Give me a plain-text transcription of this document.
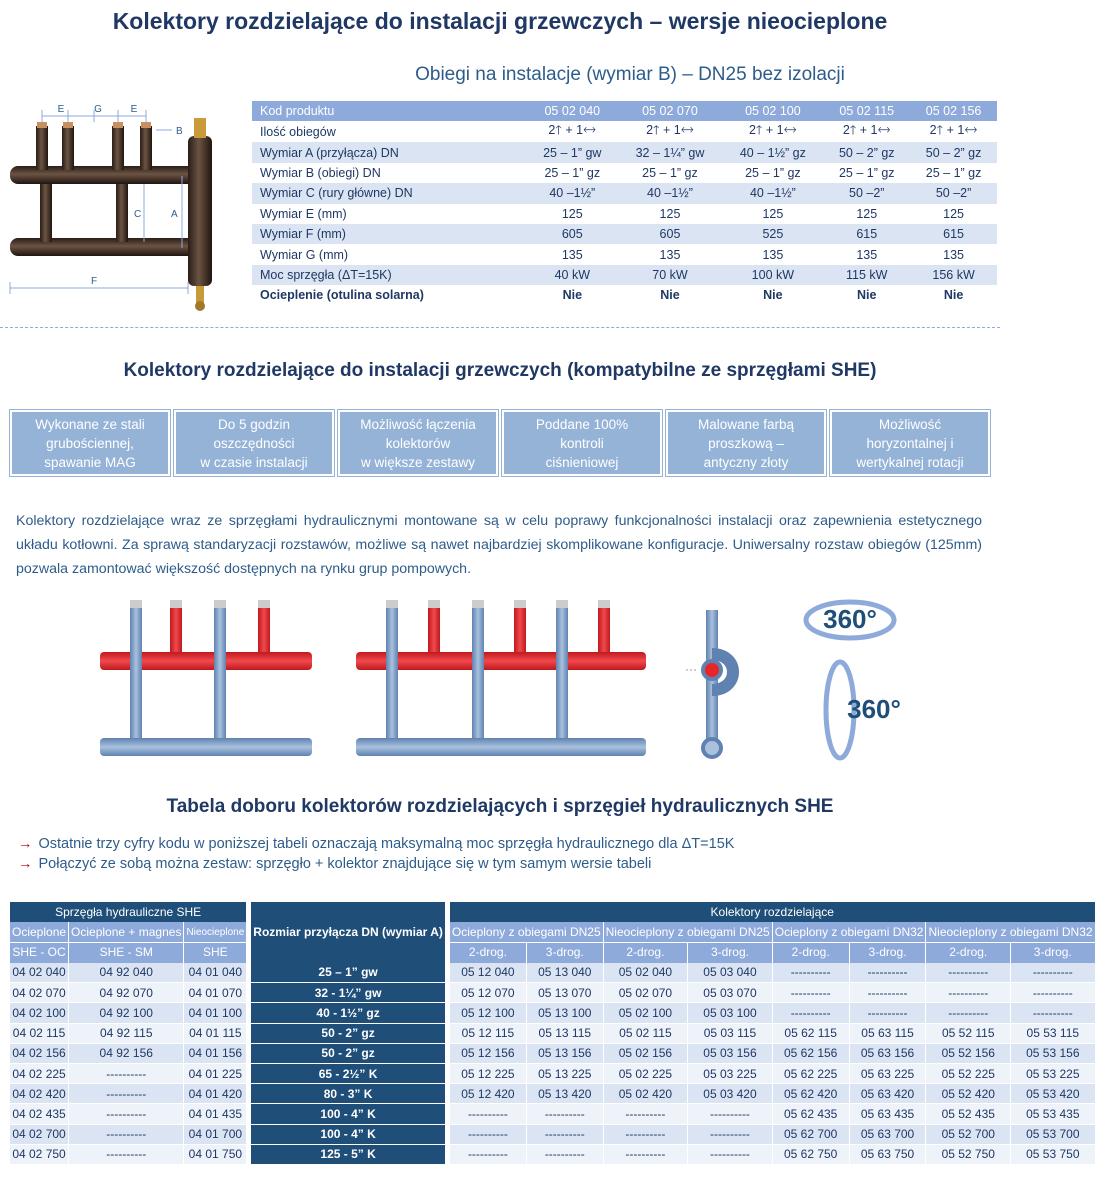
Kolektory rozdzielające do instalacji grzewczych – wersje nieocieplone
Obiegi na instalacje (wymiar B) – DN25 bez izolacji
E	G	E
C	A
B
F
Kod produktu	05 02 040	05 02 070	05 02 100	05 02 115	05 02 156
Ilość obiegów	2🡑 + 1🡘	2🡑 + 1🡘	2🡑 + 1🡘	2🡑 + 1🡘	2🡑 + 1🡘
Wymiar A (przyłącza) DN	25 – 1” gw	32 – 1¼” gw	40 – 1½” gz	50 – 2” gz	50 – 2” gz
Wymiar B (obiegi) DN	25 – 1” gz	25 – 1” gz	25 – 1” gz	25 – 1” gz	25 – 1” gz
Wymiar C (rury główne) DN	40 –1½”	40 –1½”	40 –1½”	50 –2”	50 –2”
Wymiar E (mm)	125	125	125	125	125
Wymiar F (mm)	605	605	525	615	615
Wymiar G (mm)	135	135	135	135	135
Moc sprzęgła (ΔT=15K)	40 kW	70 kW	100 kW	115 kW	156 kW
Ocieplenie (otulina solarna)	Nie	Nie	Nie	Nie	Nie
Kolektory rozdzielające do instalacji grzewczych (kompatybilne ze sprzęgłami SHE)
Wykonane ze stali
grubościennej,
spawanie MAG
Do 5 godzin
oszczędności
w czasie instalacji
Możliwość łączenia
kolektorów
w większe zestawy
Poddane 100%
kontroli
ciśnieniowej
Malowane farbą
proszkową –
antyczny złoty
Możliwość
horyzontalnej i
wertykalnej rotacji

Kolektory rozdzielające wraz ze sprzęgłami hydraulicznymi montowane są w celu poprawy funkcjonalności instalacji oraz zapewnienia estetycznego układu kotłowni. Za sprawą standaryzacji rozstawów, możliwe są nawet najbardziej skomplikowane konfiguracje. Uniwersalny rozstaw obiegów (125mm) pozwala zamontować większość dostępnych na rynku grup pompowych.

360°
360°
Tabela doboru kolektorów rozdzielających i sprzęgieł hydraulicznych SHE
→ Ostatnie trzy cyfry kodu w poniższej tabeli oznaczają maksymalną moc sprzęgła hydraulicznego dla ΔT=15K
→ Połączyć ze sobą można zestaw: sprzęgło + kolektor znajdujące się w tym samym wersie tabeli
Sprzęgła hydrauliczne SHE				Rozmiar przyłącza DN (wymiar A)		Kolektory rozdzielające							
Ocieplone	Ocieplone + magnes	Nieocieplone				Ocieplony z obiegami DN25		Nieocieplony z obiegami DN25		Ocieplony z obiegami DN32		Nieocieplony z obiegami DN32	
SHE - OC	SHE - SM	SHE				2-drog.	3-drog.	2-drog.	3-drog.	2-drog.	3-drog.	2-drog.	3-drog.
04 02 040	04 92 040	04 01 040		25 – 1” gw		05 12 040	05 13 040	05 02 040	05 03 040	----------	----------	----------	----------
04 02 070	04 92 070	04 01 070		32 - 1¼” gw		05 12 070	05 13 070	05 02 070	05 03 070	----------	----------	----------	----------
04 02 100	04 92 100	04 01 100		40 - 1½” gz		05 12 100	05 13 100	05 02 100	05 03 100	----------	----------	----------	----------
04 02 115	04 92 115	04 01 115		50 - 2” gz		05 12 115	05 13 115	05 02 115	05 03 115	05 62 115	05 63 115	05 52 115	05 53 115
04 02 156	04 92 156	04 01 156		50 - 2” gz		05 12 156	05 13 156	05 02 156	05 03 156	05 62 156	05 63 156	05 52 156	05 53 156
04 02 225	----------	04 01 225		65 - 2½” K		05 12 225	05 13 225	05 02 225	05 03 225	05 62 225	05 63 225	05 52 225	05 53 225
04 02 420	----------	04 01 420		80 - 3” K		05 12 420	05 13 420	05 02 420	05 03 420	05 62 420	05 63 420	05 52 420	05 53 420
04 02 435	----------	04 01 435		100 - 4” K		----------	----------	----------	----------	05 62 435	05 63 435	05 52 435	05 53 435
04 02 700	----------	04 01 700		100 - 4” K		----------	----------	----------	----------	05 62 700	05 63 700	05 52 700	05 53 700
04 02 750	----------	04 01 750		125 - 5” K		----------	----------	----------	----------	05 62 750	05 63 750	05 52 750	05 53 750
